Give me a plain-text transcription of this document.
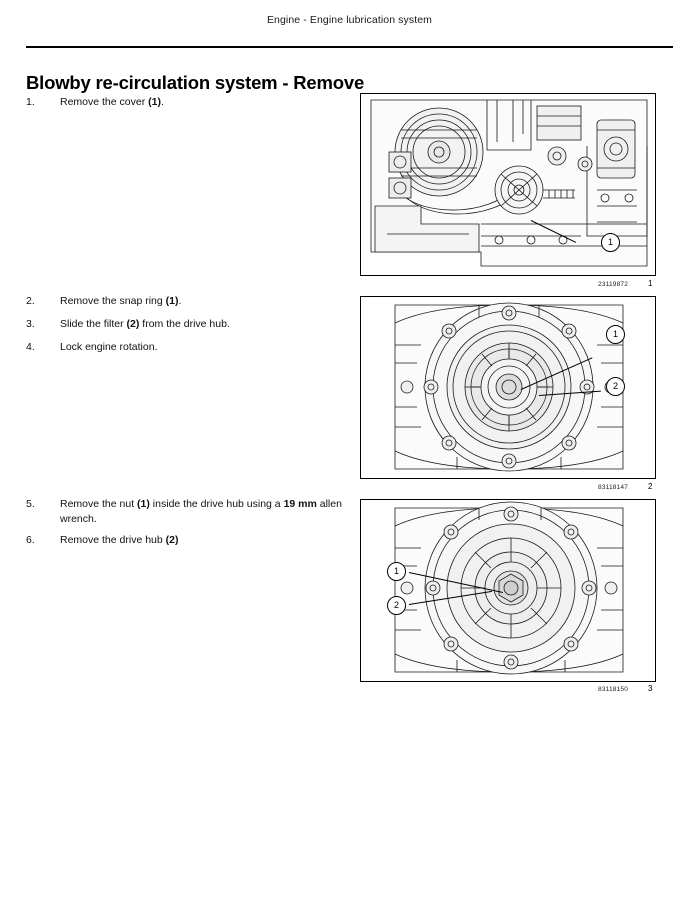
Engine - Engine lubrication system
Blowby re-circulation system - Remove
1.	Remove the cover (1).
2.	Remove the snap ring (1).
3.	Slide the filter (2) from the drive hub.
4.	Lock engine rotation.
5.	Remove the nut (1) inside the drive hub using a 19 mm allen wrench.
6.	Remove the drive hub (2)
1
23119872 1
1
2
83118147 2
1
2
83118150 3
